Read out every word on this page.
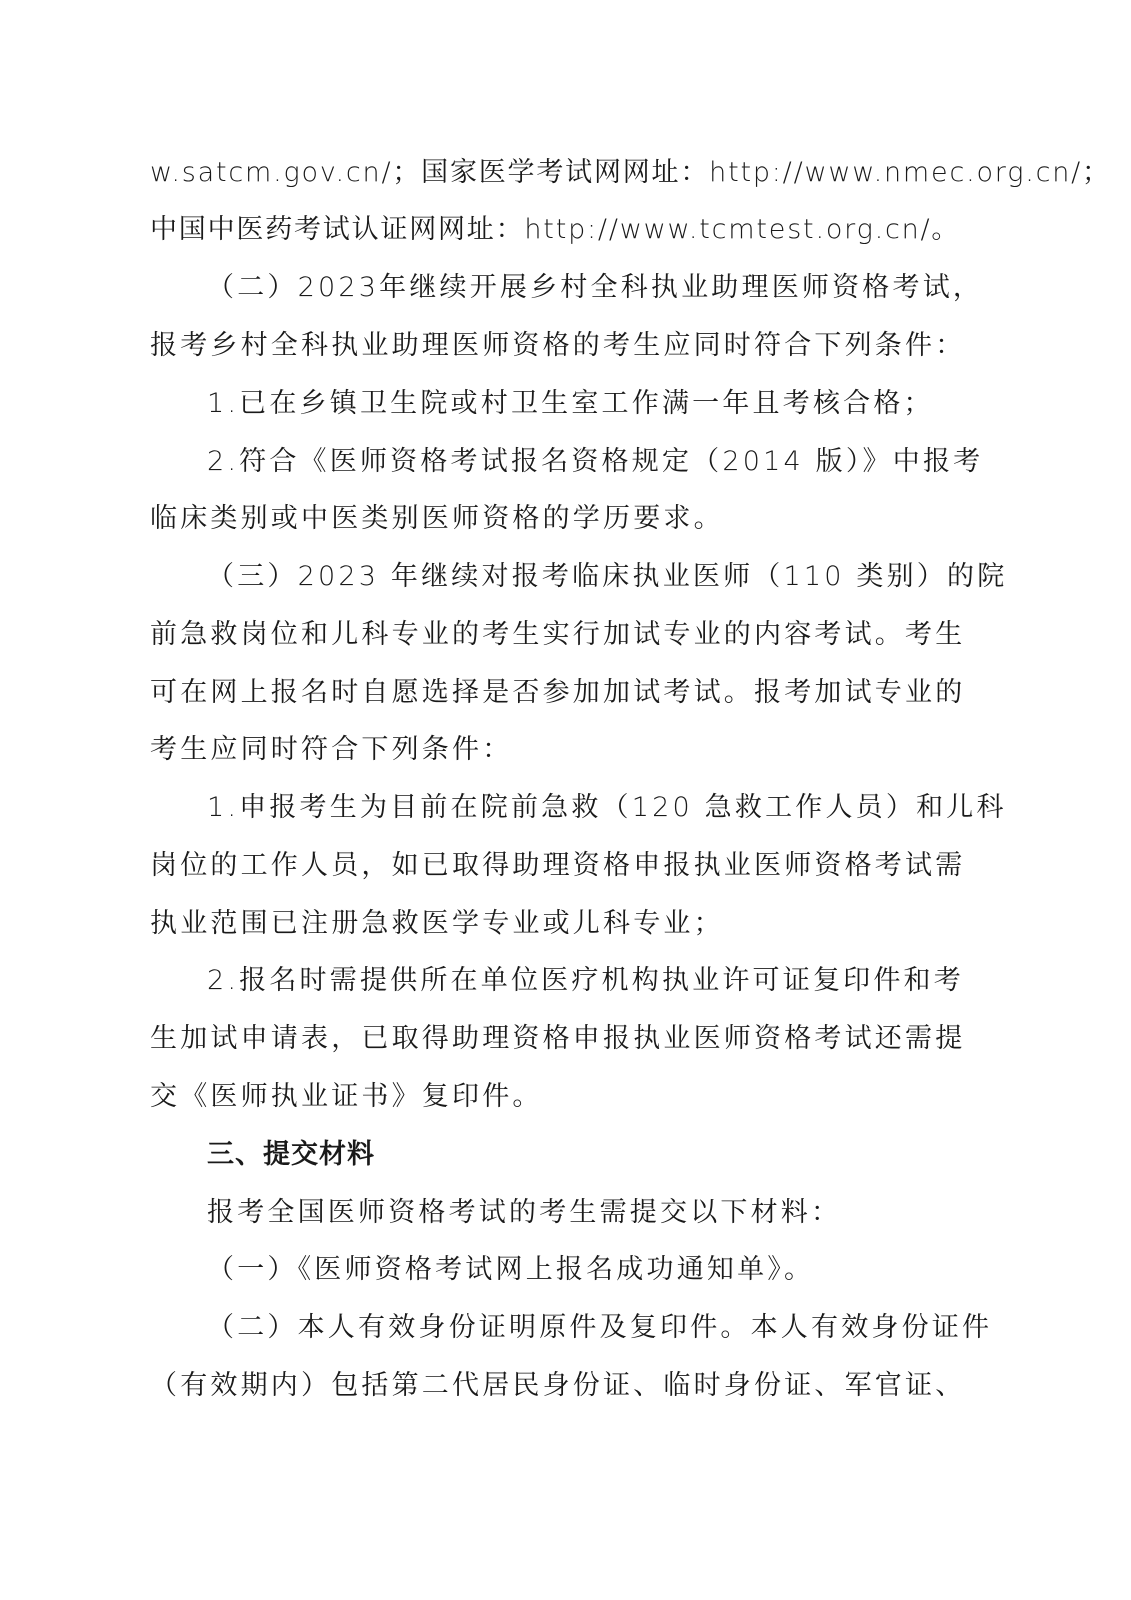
w.satcm.gov.cn/；国家医学考试网网址：http://www.nmec.org.cn/；
中国中医药考试认证网网址：http://www.tcmtest.org.cn/。
（二）2023年继续开展乡村全科执业助理医师资格考试，
报考乡村全科执业助理医师资格的考生应同时符合下列条件：
1.已在乡镇卫生院或村卫生室工作满一年且考核合格；
2.符合《医师资格考试报名资格规定（2014 版）》中报考
临床类别或中医类别医师资格的学历要求。
（三）2023 年继续对报考临床执业医师（110 类别）的院
前急救岗位和儿科专业的考生实行加试专业的内容考试。考生
可在网上报名时自愿选择是否参加加试考试。报考加试专业的
考生应同时符合下列条件：
1.申报考生为目前在院前急救（120 急救工作人员）和儿科
岗位的工作人员，如已取得助理资格申报执业医师资格考试需
执业范围已注册急救医学专业或儿科专业；
2.报名时需提供所在单位医疗机构执业许可证复印件和考
生加试申请表，已取得助理资格申报执业医师资格考试还需提
交《医师执业证书》复印件。
三、提交材料
报考全国医师资格考试的考生需提交以下材料：
（一）《医师资格考试网上报名成功通知单》。
（二）本人有效身份证明原件及复印件。本人有效身份证件
（有效期内）包括第二代居民身份证、临时身份证、军官证、
